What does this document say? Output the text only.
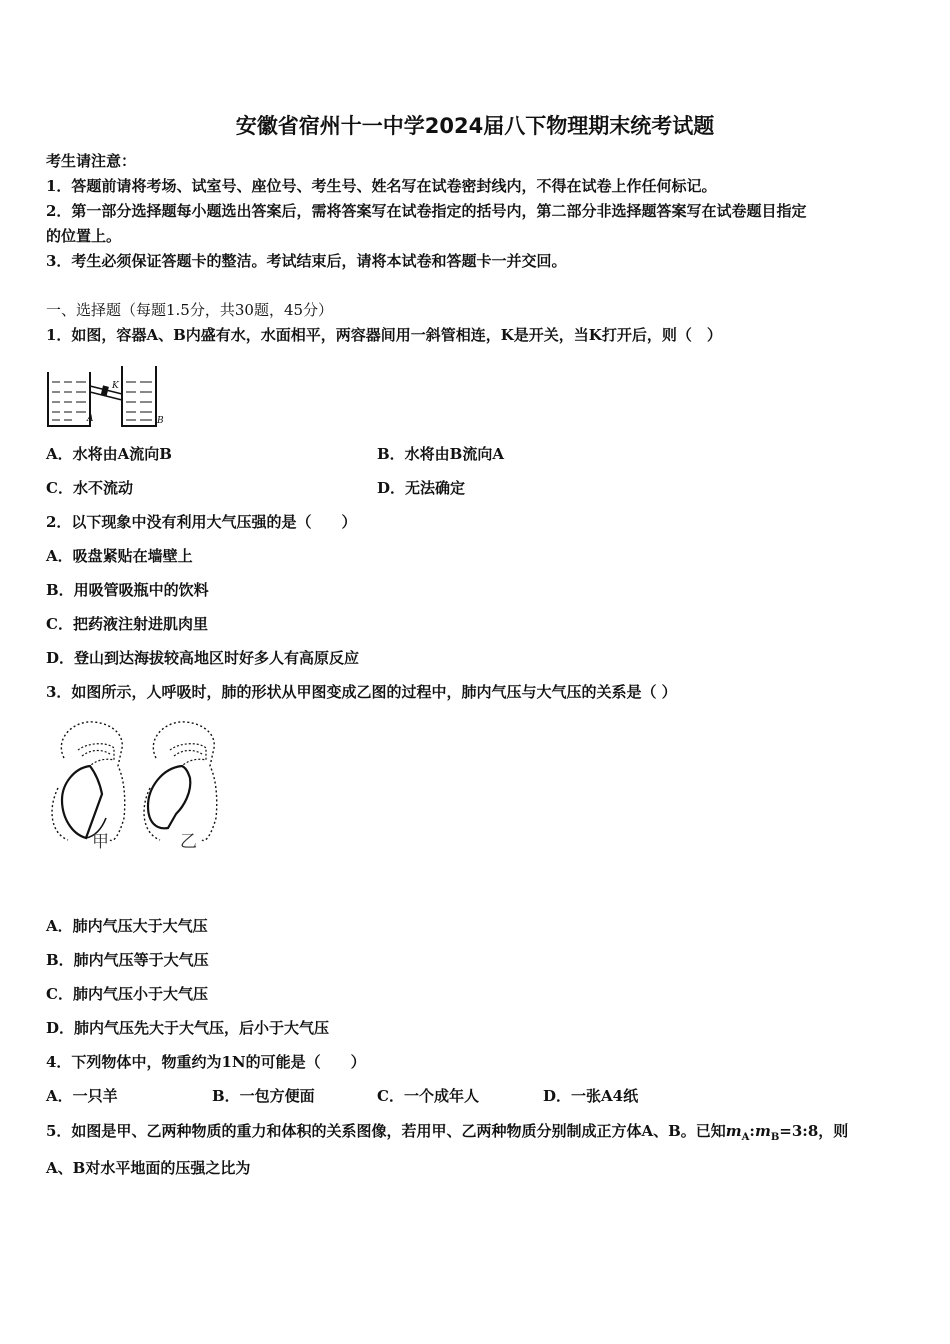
安徽省宿州十一中学2024届八下物理期末统考试题
考生请注意：
1．答题前请将考场、试室号、座位号、考生号、姓名写在试卷密封线内，不得在试卷上作任何标记。
2．第一部分选择题每小题选出答案后，需将答案写在试卷指定的括号内，第二部分非选择题答案写在试卷题目指定
的位置上。
3．考生必须保证答题卡的整洁。考试结束后，请将本试卷和答题卡一并交回。
一、选择题（每题1.5分，共30题，45分）
1．如图，容器A、B内盛有水，水面相平，两容器间用一斜管相连，K是开关，当K打开后，则（　）
A	B
K
A．水将由A流向B	B．水将由B流向A
C．水不流动	D．无法确定
2．以下现象中没有利用大气压强的是（　　）
A．吸盘紧贴在墙壁上
B．用吸管吸瓶中的饮料
C．把药液注射进肌肉里
D．登山到达海拔较高地区时好多人有高原反应
3．如图所示，人呼吸时，肺的形状从甲图变成乙图的过程中，肺内气压与大气压的关系是（ ）
甲	乙
A．肺内气压大于大气压
B．肺内气压等于大气压
C．肺内气压小于大气压
D．肺内气压先大于大气压，后小于大气压
4．下列物体中，物重约为1N的可能是（　　）
A．一只羊	B．一包方便面	C．一个成年人	D．一张A4纸
5．如图是甲、乙两种物质的重力和体积的关系图像，若用甲、乙两种物质分别制成正方体A、B。已知$m_A:m_B=3:8$，则
A、B对水平地面的压强之比为
